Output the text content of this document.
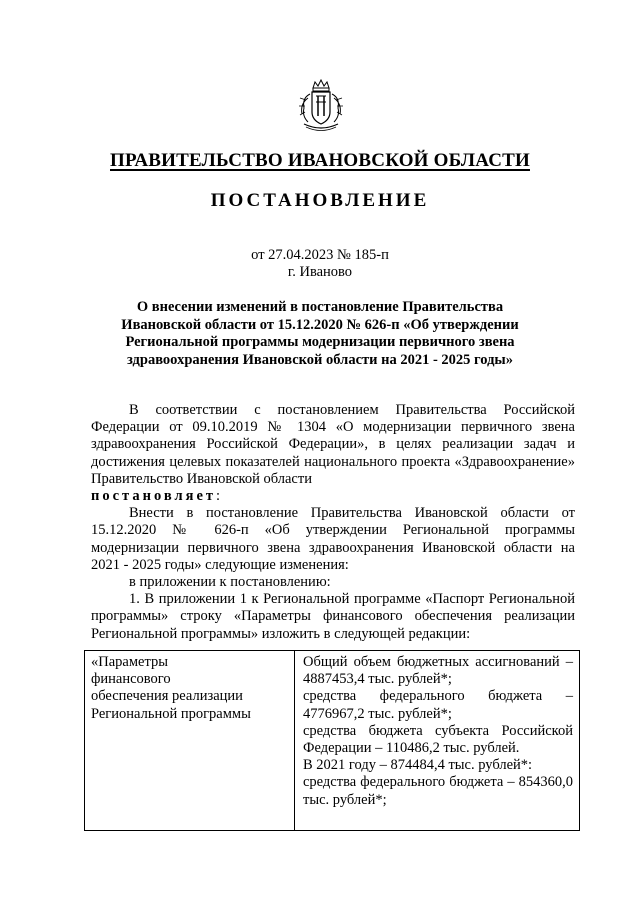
ПРАВИТЕЛЬСТВО ИВАНОВСКОЙ ОБЛАСТИ
ПОСТАНОВЛЕНИЕ
от 27.04.2023 № 185-п
г. Иваново
О внесении изменений в постановление Правительства Ивановской области от 15.12.2020 № 626-п «Об утверждении Региональной программы модернизации первичного звена здравоохранения Ивановской области на 2021 - 2025 годы»

В соответствии с постановлением Правительства Российской Федерации от 09.10.2019 № 1304 «О модернизации первичного звена здравоохранения Российской Федерации», в целях реализации задач и достижения целевых показателей национального проекта «Здравоохранение» Правительство Ивановской области

постановляет:

Внести в постановление Правительства Ивановской области от 15.12.2020 № 626-п «Об утверждении Региональной программы модернизации первичного звена здравоохранения Ивановской области на 2021 - 2025 годы» следующие изменения:

в приложении к постановлению:

1. В приложении 1 к Региональной программе «Паспорт Региональной программы» строку «Параметры финансового обеспечения реализации Региональной программы» изложить в следующей редакции:

«Параметры финансового обеспечения реализации Региональной программы

Общий объем бюджетных ассигнований – 4887453,4 тыс. рублей*;

средства федерального бюджета – 4776967,2 тыс. рублей*;

средства бюджета субъекта Российской Федерации – 110486,2 тыс. рублей.

В 2021 году – 874484,4 тыс. рублей*:

средства федерального бюджета – 854360,0 тыс. рублей*;
